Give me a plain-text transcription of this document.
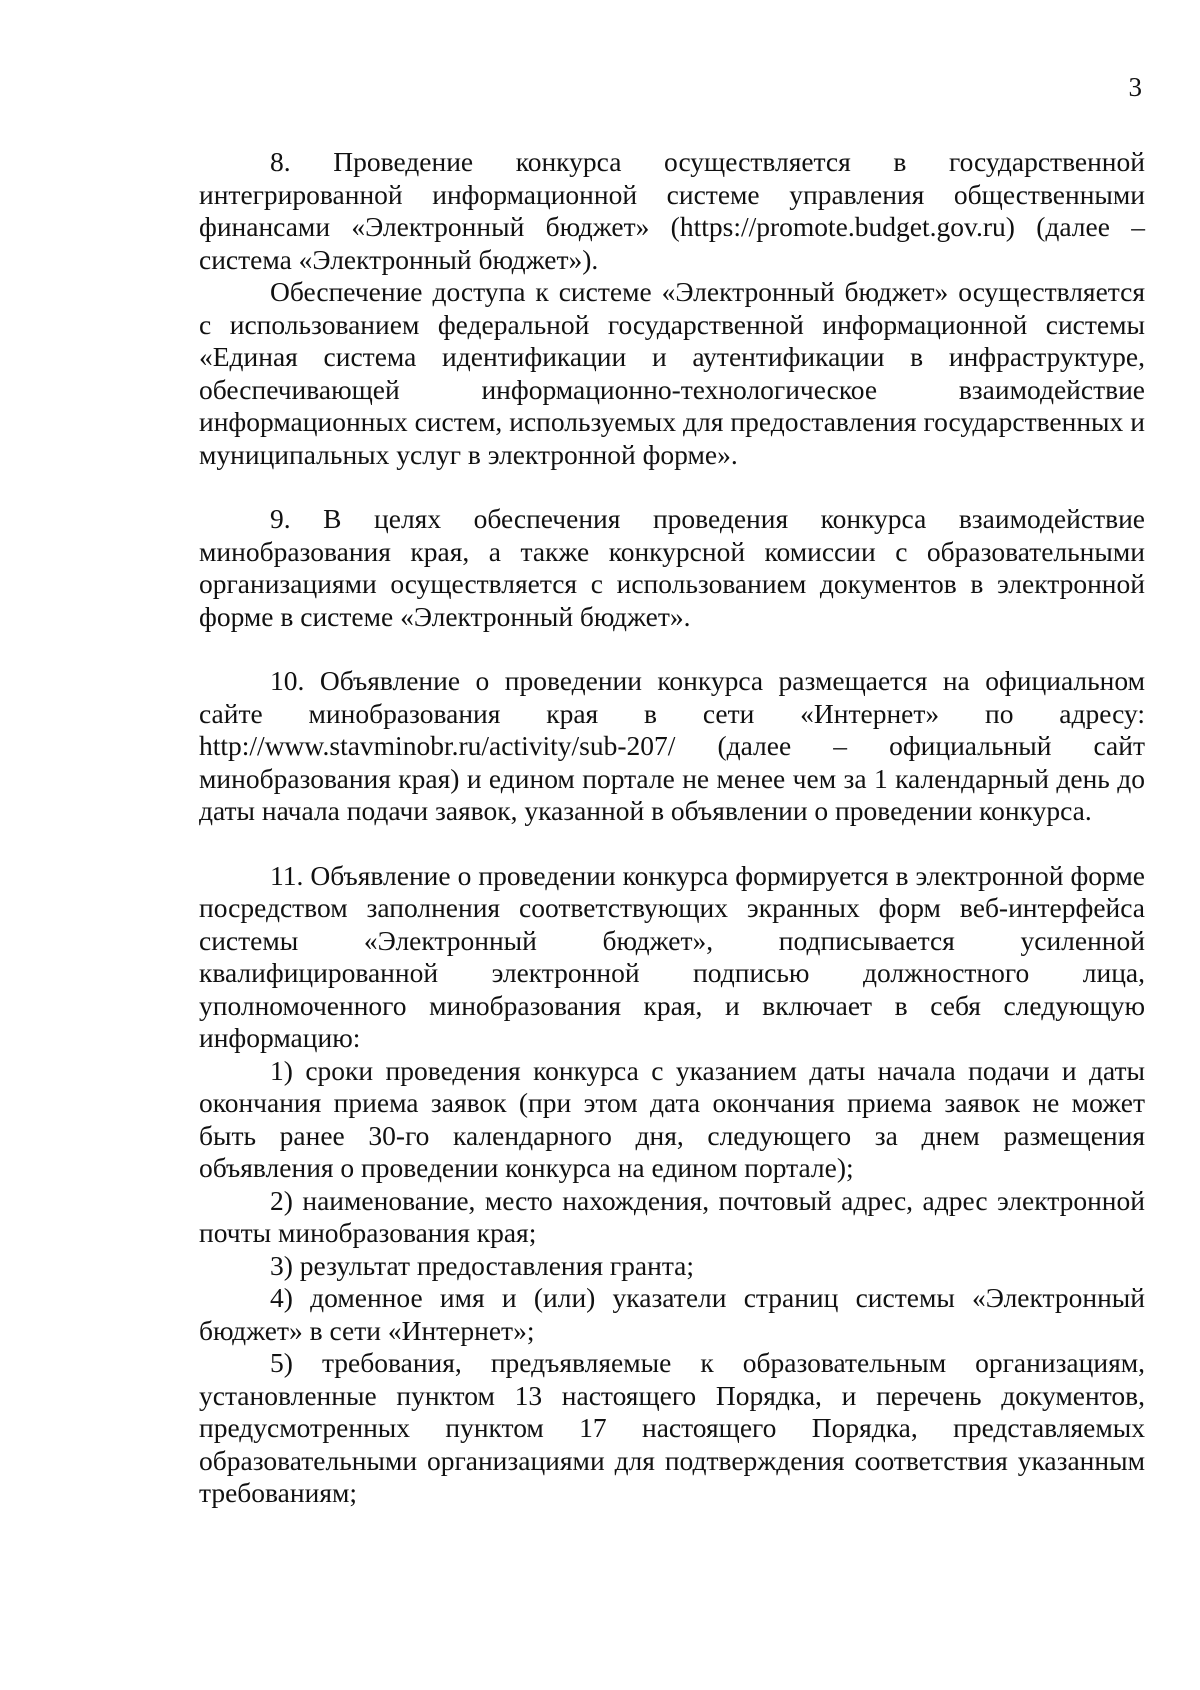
3

8. Проведение конкурса осуществляется в государственной интегрированной информационной системе управления общественными финансами «Электронный бюджет» (https://promote.budget.gov.ru) (далее – система «Электронный бюджет»).

Обеспечение доступа к системе «Электронный бюджет» осуществляется с использованием федеральной государственной информационной системы «Единая система идентификации и аутентификации в инфраструктуре, обеспечивающей информационно-технологическое взаимодействие информационных систем, используемых для предоставления государственных и муниципальных услуг в электронной форме».

9. В целях обеспечения проведения конкурса взаимодействие минобразования края, а также конкурсной комиссии с образовательными организациями осуществляется с использованием документов в электронной форме в системе «Электронный бюджет».

10. Объявление о проведении конкурса размещается на официальном сайте минобразования края в сети «Интернет» по адресу: http://www.stavminobr.ru/activity/sub-207/ (далее – официальный сайт минобразования края) и едином портале не менее чем за 1 календарный день до даты начала подачи заявок, указанной в объявлении о проведении конкурса.

11. Объявление о проведении конкурса формируется в электронной форме посредством заполнения соответствующих экранных форм веб-интерфейса системы «Электронный бюджет», подписывается усиленной квалифицированной электронной подписью должностного лица, уполномоченного минобразования края, и включает в себя следующую информацию:

1) сроки проведения конкурса с указанием даты начала подачи и даты окончания приема заявок (при этом дата окончания приема заявок не может быть ранее 30-го календарного дня, следующего за днем размещения объявления о проведении конкурса на едином портале);

2) наименование, место нахождения, почтовый адрес, адрес электронной почты минобразования края;

3) результат предоставления гранта;

4) доменное имя и (или) указатели страниц системы «Электронный бюджет» в сети «Интернет»;

5) требования, предъявляемые к образовательным организациям, установленные пунктом 13 настоящего Порядка, и перечень документов, предусмотренных пунктом 17 настоящего Порядка, представляемых образовательными организациями для подтверждения соответствия указанным требованиям;
